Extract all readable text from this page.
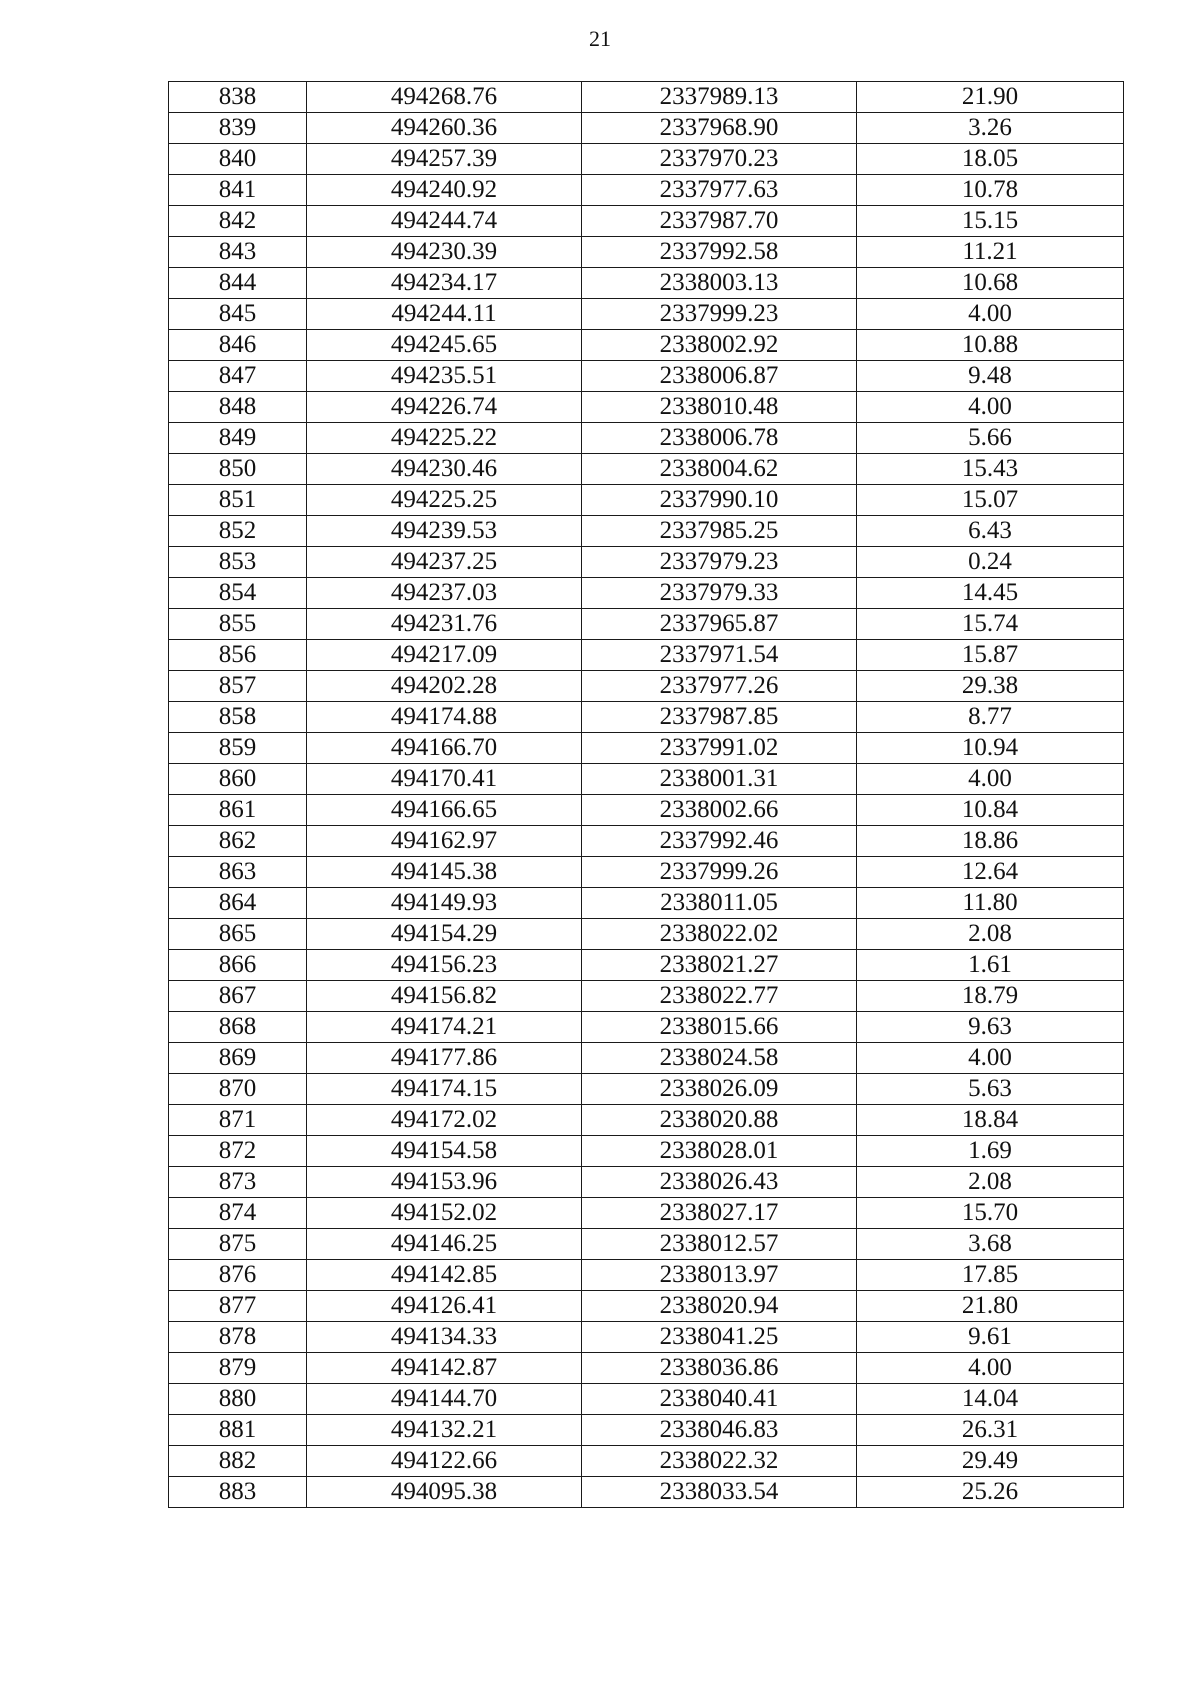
21
838	494268.76	2337989.13	21.90
839	494260.36	2337968.90	3.26
840	494257.39	2337970.23	18.05
841	494240.92	2337977.63	10.78
842	494244.74	2337987.70	15.15
843	494230.39	2337992.58	11.21
844	494234.17	2338003.13	10.68
845	494244.11	2337999.23	4.00
846	494245.65	2338002.92	10.88
847	494235.51	2338006.87	9.48
848	494226.74	2338010.48	4.00
849	494225.22	2338006.78	5.66
850	494230.46	2338004.62	15.43
851	494225.25	2337990.10	15.07
852	494239.53	2337985.25	6.43
853	494237.25	2337979.23	0.24
854	494237.03	2337979.33	14.45
855	494231.76	2337965.87	15.74
856	494217.09	2337971.54	15.87
857	494202.28	2337977.26	29.38
858	494174.88	2337987.85	8.77
859	494166.70	2337991.02	10.94
860	494170.41	2338001.31	4.00
861	494166.65	2338002.66	10.84
862	494162.97	2337992.46	18.86
863	494145.38	2337999.26	12.64
864	494149.93	2338011.05	11.80
865	494154.29	2338022.02	2.08
866	494156.23	2338021.27	1.61
867	494156.82	2338022.77	18.79
868	494174.21	2338015.66	9.63
869	494177.86	2338024.58	4.00
870	494174.15	2338026.09	5.63
871	494172.02	2338020.88	18.84
872	494154.58	2338028.01	1.69
873	494153.96	2338026.43	2.08
874	494152.02	2338027.17	15.70
875	494146.25	2338012.57	3.68
876	494142.85	2338013.97	17.85
877	494126.41	2338020.94	21.80
878	494134.33	2338041.25	9.61
879	494142.87	2338036.86	4.00
880	494144.70	2338040.41	14.04
881	494132.21	2338046.83	26.31
882	494122.66	2338022.32	29.49
883	494095.38	2338033.54	25.26
